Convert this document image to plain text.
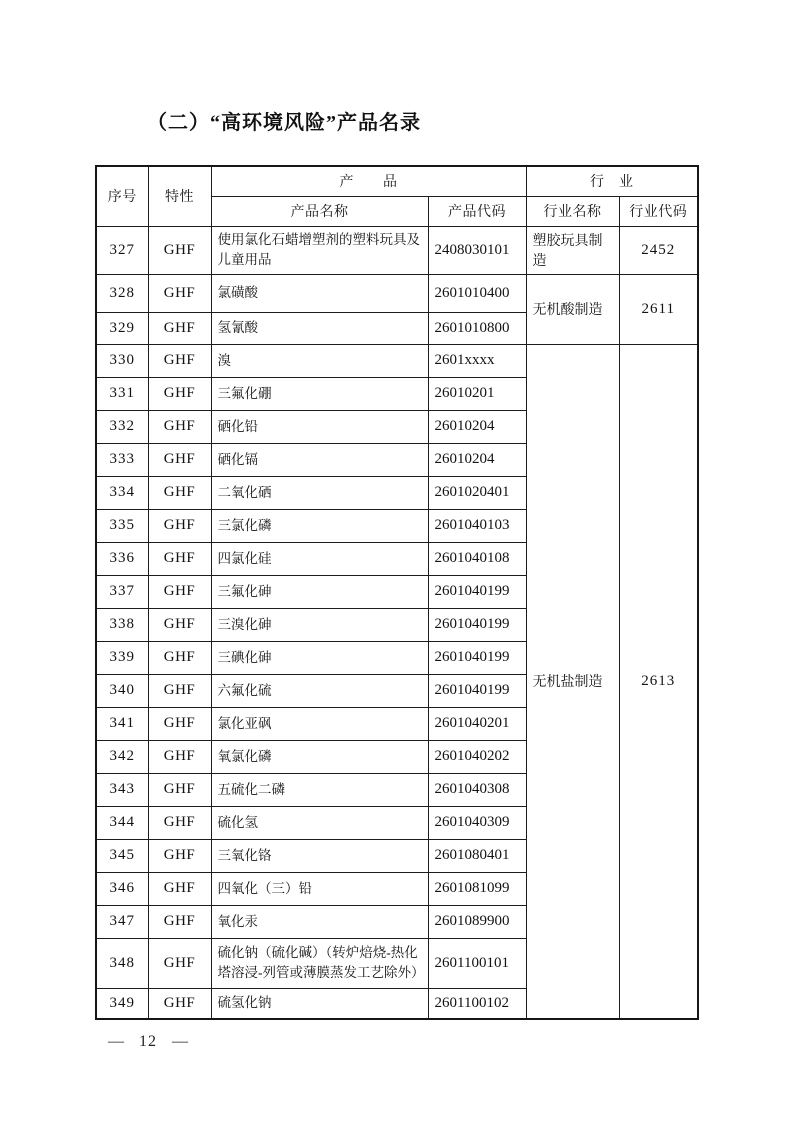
（二）“高环境风险”产品名录
序号	特性	产　　品		行　业	
		产品名称	产品代码	行业名称	行业代码
327	GHF	使用氯化石蜡增塑剂的塑料玩具及儿童用品	2408030101	塑胶玩具制造	2452
328	GHF	氯磺酸	2601010400	无机酸制造	2611
329	GHF	氢氰酸	2601010800		
330	GHF	溴	2601xxxx	无机盐制造	2613
331	GHF	三氟化硼	26010201		
332	GHF	硒化铅	26010204		
333	GHF	硒化镉	26010204		
334	GHF	二氧化硒	2601020401		
335	GHF	三氯化磷	2601040103		
336	GHF	四氯化硅	2601040108		
337	GHF	三氟化砷	2601040199		
338	GHF	三溴化砷	2601040199		
339	GHF	三碘化砷	2601040199		
340	GHF	六氟化硫	2601040199		
341	GHF	氯化亚砜	2601040201		
342	GHF	氧氯化磷	2601040202		
343	GHF	五硫化二磷	2601040308		
344	GHF	硫化氢	2601040309		
345	GHF	三氧化铬	2601080401		
346	GHF	四氧化（三）铅	2601081099		
347	GHF	氧化汞	2601089900		
348	GHF	硫化钠（硫化碱）（转炉焙烧-热化塔溶浸-列管或薄膜蒸发工艺除外）	2601100101		
349	GHF	硫氢化钠	2601100102		
— 12 —
